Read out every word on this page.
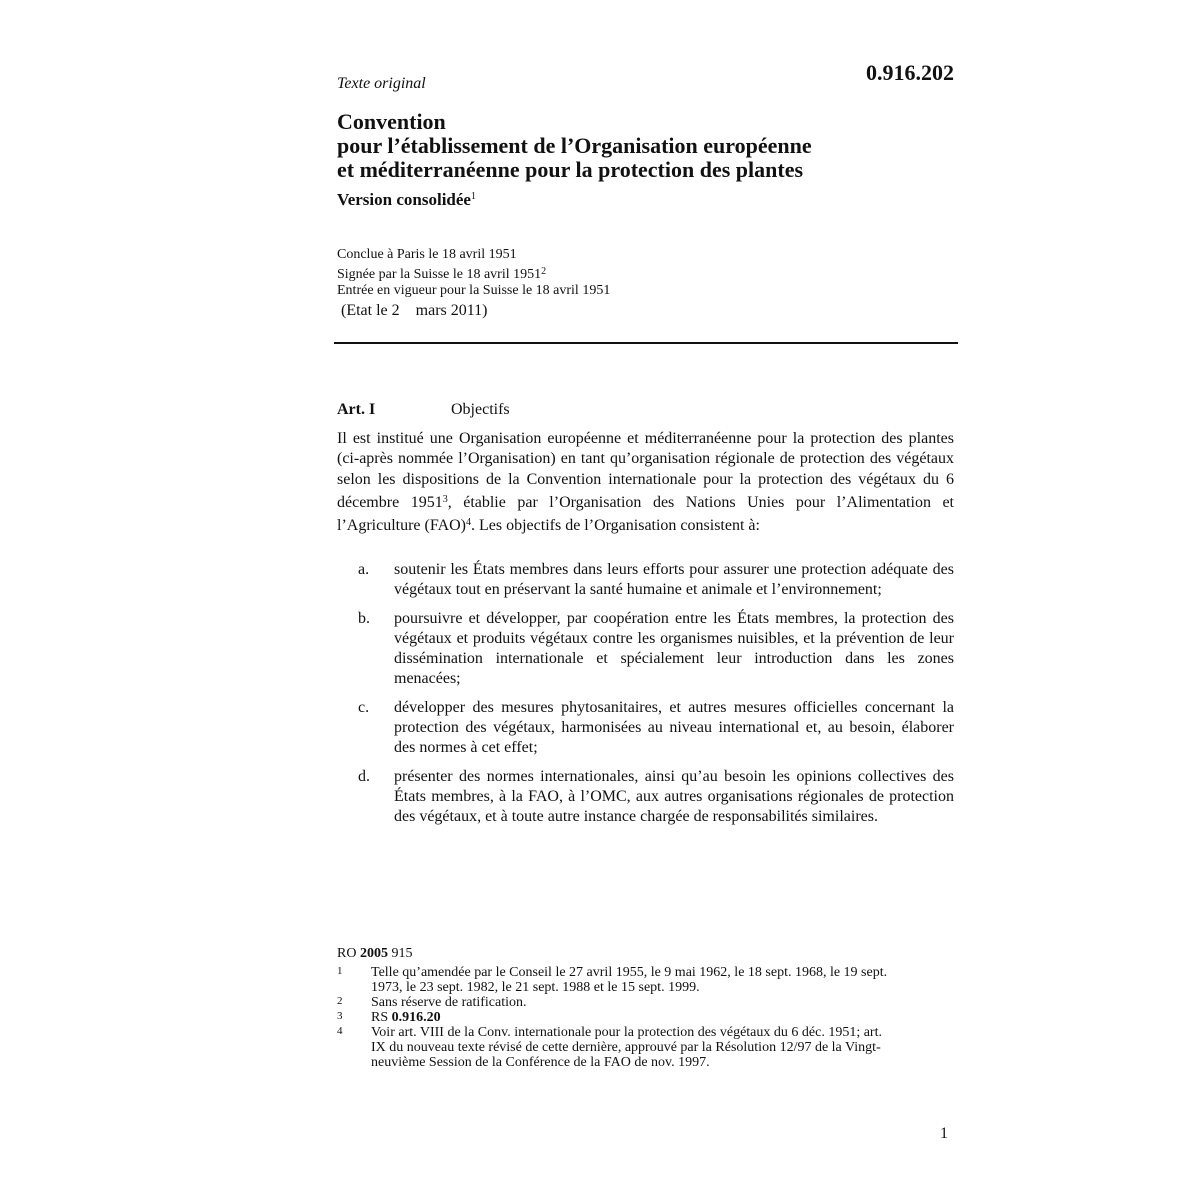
0.916.202
Texte original
Convention
pour l’établissement de l’Organisation européenne
et méditerranéenne pour la protection des plantes
Version consolidée$^1$
Conclue à Paris le 18 avril 1951
Signée par la Suisse le 18 avril 1951$^2$
Entrée en vigueur pour la Suisse le 18 avril 1951
(Etat le 2    mars 2011)
Art. I	Objectifs
Il est institué une Organisation européenne et méditerranéenne pour la protection des plantes (ci-après nommée l’Organisation) en tant qu’organisation régionale de protection des végétaux selon les dispositions de la Convention internationale pour la protection des végétaux du 6 décembre 1951$^3$, établie par l’Organisation des Nations Unies pour l’Alimentation et l’Agriculture (FAO)$^4$. Les objectifs de l’Organisation consistent à:
a. soutenir les États membres dans leurs efforts pour assurer une protection adéquate des végétaux tout en préservant la santé humaine et animale et l’environnement;
b. poursuivre et développer, par coopération entre les États membres, la protection des végétaux et produits végétaux contre les organismes nuisibles, et la prévention de leur dissémination internationale et spécialement leur introduction dans les zones menacées;
c. développer des mesures phytosanitaires, et autres mesures officielles concernant la protection des végétaux, harmonisées au niveau international et, au besoin, élaborer des normes à cet effet;
d. présenter des normes internationales, ainsi qu’au besoin les opinions collectives des États membres, à la FAO, à l’OMC, aux autres organisations régionales de protection des végétaux, et à toute autre instance chargée de responsabilités similaires.
RO 2005 915
1 Telle qu’amendée par le Conseil le 27 avril 1955, le 9 mai 1962, le 18 sept. 1968, le 19 sept. 1973, le 23 sept. 1982, le 21 sept. 1988 et le 15 sept. 1999.
2 Sans réserve de ratification.
3 RS 0.916.20
4 Voir art. VIII de la Conv. internationale pour la protection des végétaux du 6 déc. 1951; art. IX du nouveau texte révisé de cette dernière, approuvé par la Résolution 12/97 de la Vingt-neuvième Session de la Conférence de la FAO de nov. 1997.
1
